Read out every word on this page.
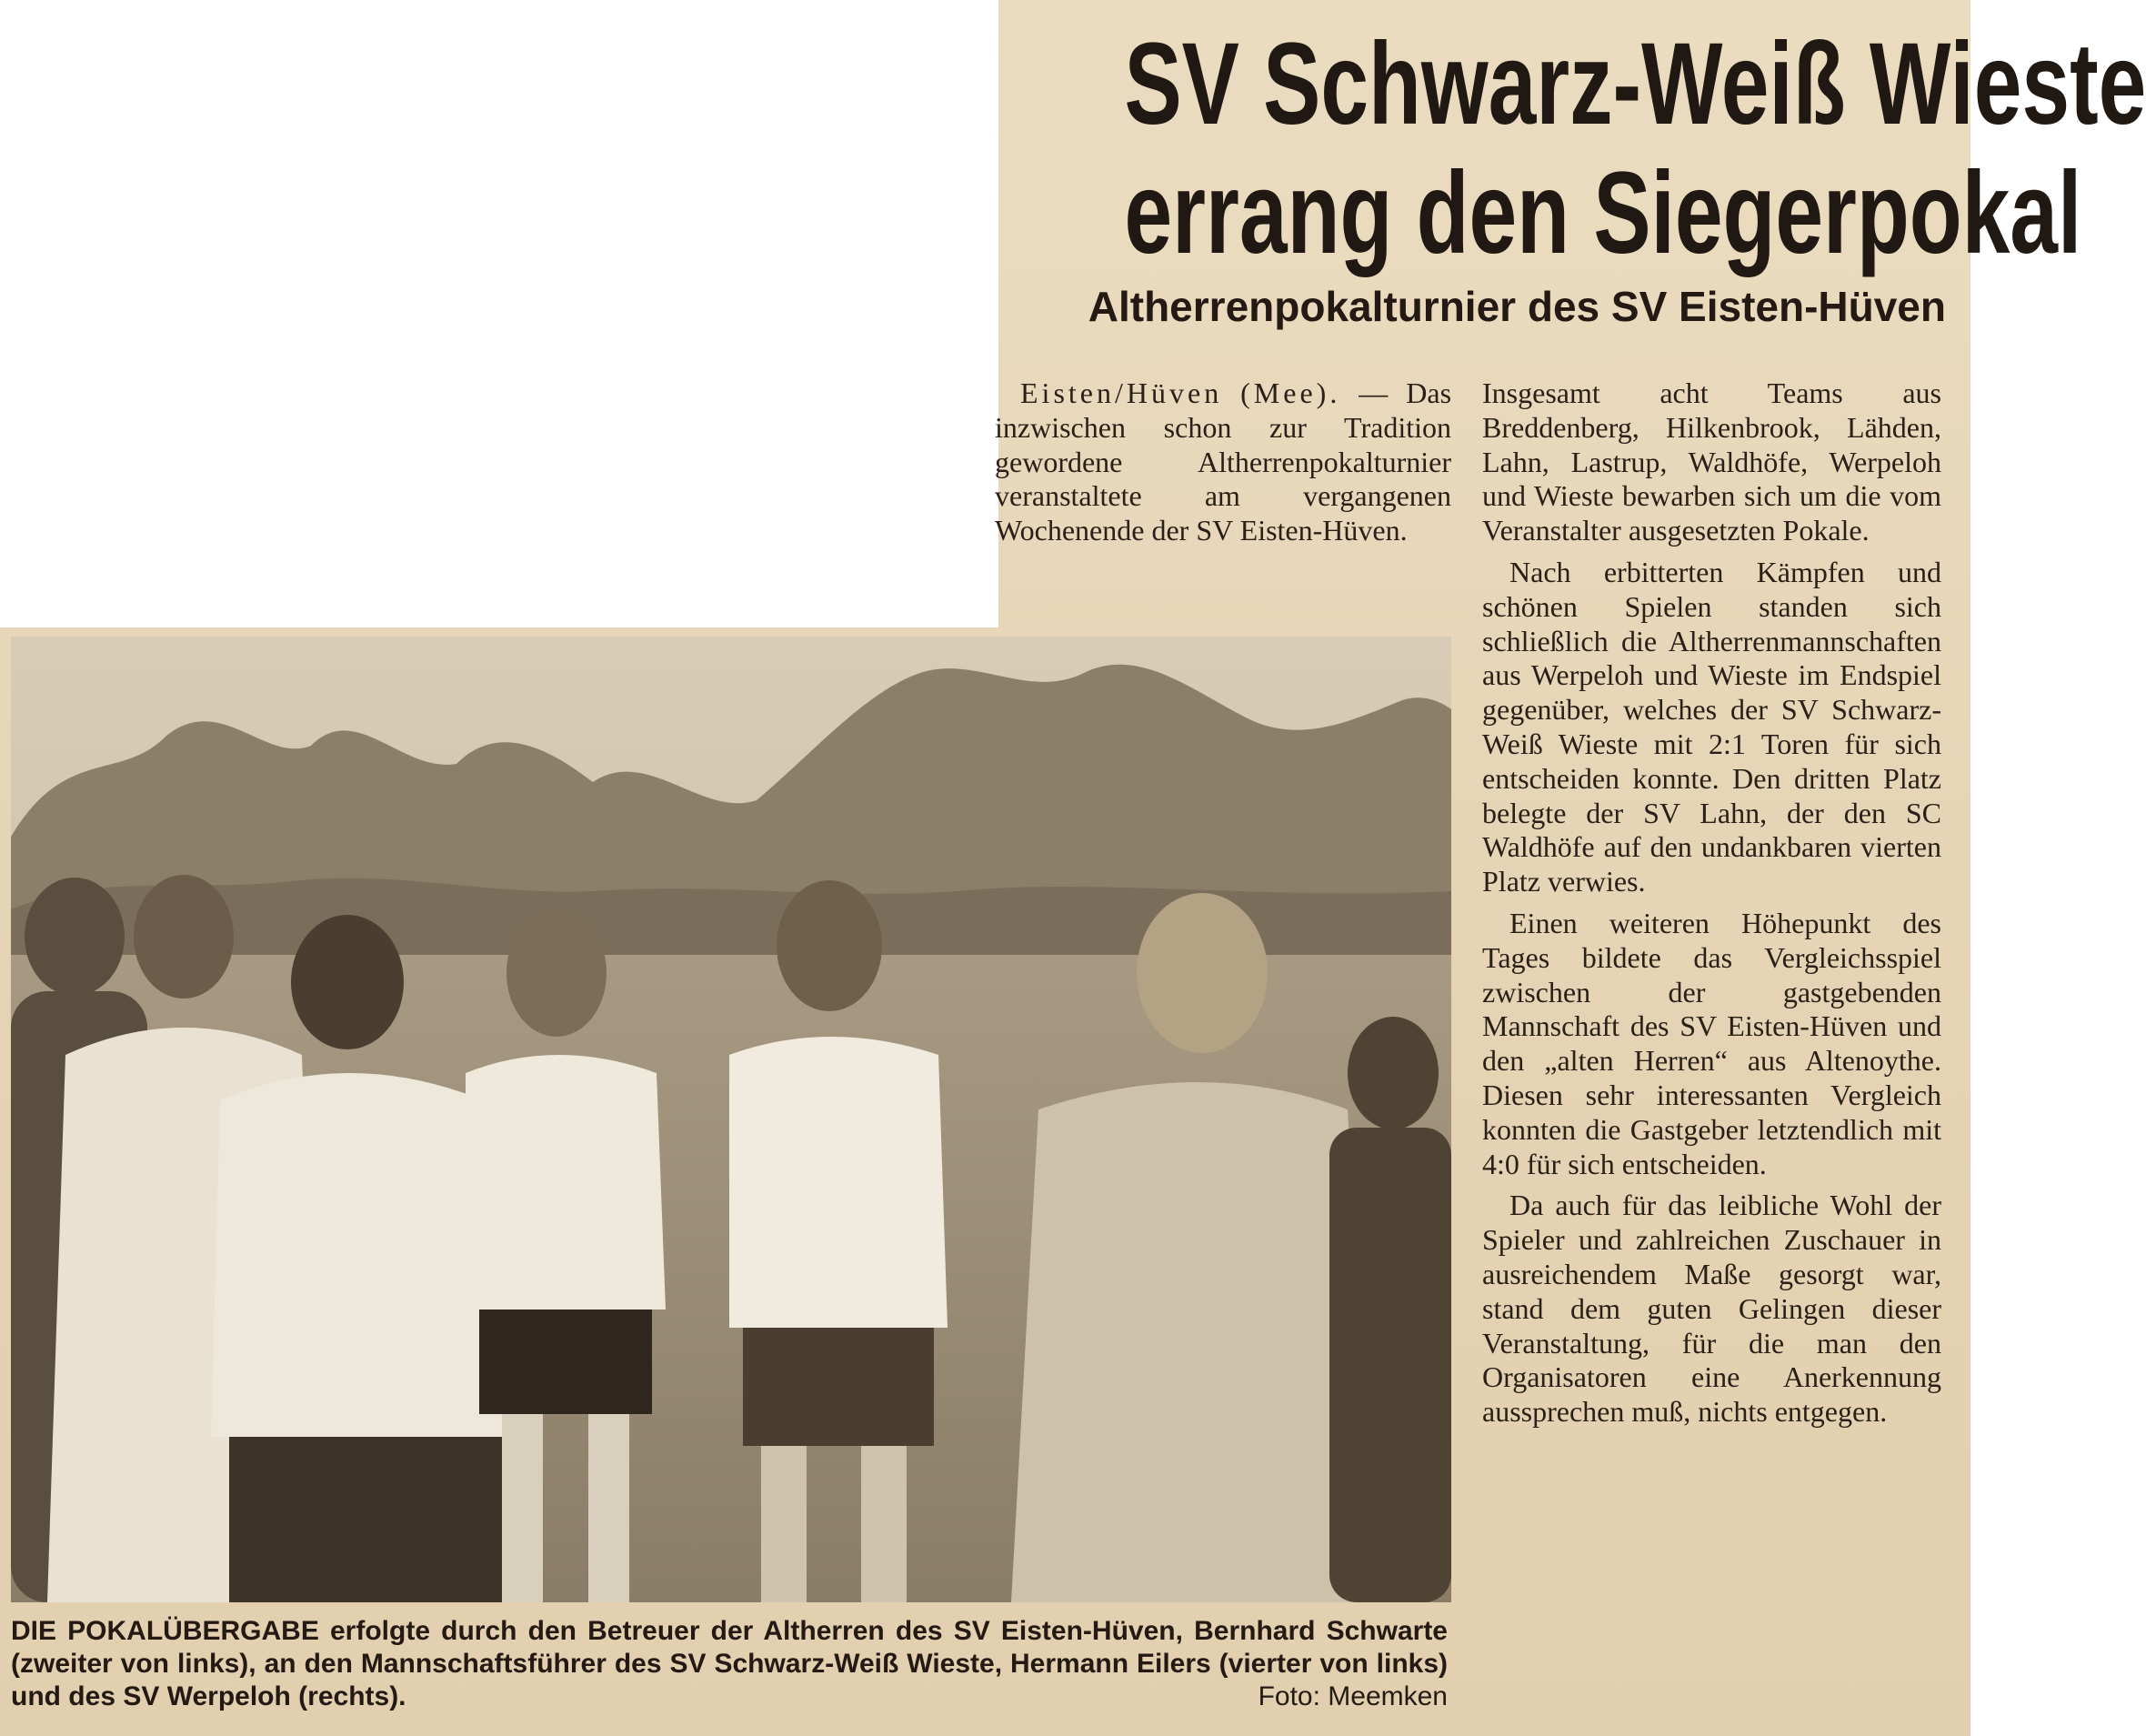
SV Schwarz-Weiß Wieste
errang den Siegerpokal
Altherrenpokalturnier des SV Eisten-Hüven

Eisten/Hüven (Mee). — Das inzwischen schon zur Tradition gewordene Altherrenpokalturnier veranstaltete am vergangenen Wochenende der SV Eisten-Hüven.

Insgesamt acht Teams aus Breddenberg, Hilkenbrook, Lähden, Lahn, Lastrup, Waldhöfe, Werpeloh und Wieste bewarben sich um die vom Veranstalter ausgesetzten Pokale.

Nach erbitterten Kämpfen und schönen Spielen standen sich schließlich die Altherrenmannschaften aus Werpeloh und Wieste im Endspiel gegenüber, welches der SV Schwarz-Weiß Wieste mit 2:1 Toren für sich entscheiden konnte. Den dritten Platz belegte der SV Lahn, der den SC Waldhöfe auf den undankbaren vierten Platz verwies.

Einen weiteren Höhepunkt des Tages bildete das Vergleichsspiel zwischen der gastgebenden Mannschaft des SV Eisten-Hüven und den „alten Herren“ aus Altenoythe. Diesen sehr interessanten Vergleich konnten die Gastgeber letztendlich mit 4:0 für sich entscheiden.

Da auch für das leibliche Wohl der Spieler und zahlreichen Zuschauer in ausreichendem Maße gesorgt war, stand dem guten Gelingen dieser Veranstaltung, für die man den Organisatoren eine Anerkennung aussprechen muß, nichts entgegen.

DIE POKALÜBERGABE erfolgte durch den Betreuer der Altherren des SV Eisten-Hüven, Bernhard Schwarte (zweiter von links), an den Mannschaftsführer des SV Schwarz-Weiß Wieste, Hermann Eilers (vierter von links) und des SV Werpeloh (rechts).	Foto: Meemken
